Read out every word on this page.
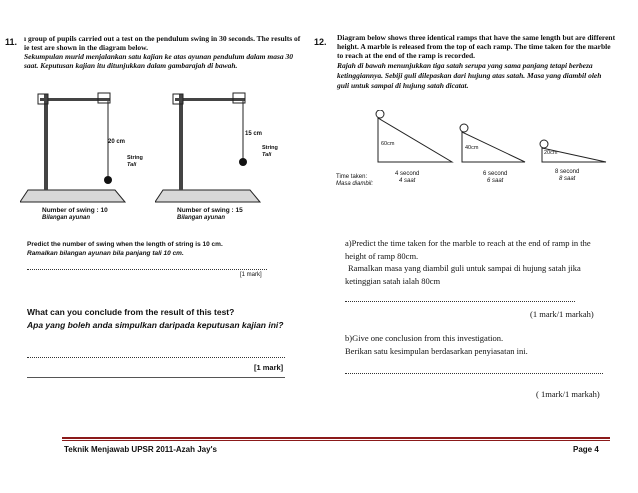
11. ı group of pupils carried out a test on the pendulum swing in 30 seconds. The results of
ie test are shown in the diagram below.
Sekumpulan murid menjalankan satu kajian ke atas ayunan pendulum dalam masa 30
saat. Keputusan kajian itu ditunjukkan dalam gambarajah di bawah.
20 cm
String
Tali
Number of swing : 10
Bilangan ayunan
15 cm
String
Tali
Number of swing : 15
Bilangan ayunan
Predict the number of swing when the length of string is 10 cm.
Ramalkan bilangan ayunan bila panjang tali 10 cm.
[1 mark]
What can you conclude from the result of this test?
Apa yang boleh anda simpulkan daripada keputusan kajian ini?
[1 mark]
12. Diagram below shows three identical ramps that have the same length but are different
height. A marble is released from the top of each ramp. The time taken for the marble
to reach at the end of the ramp is recorded.
Rajah di bawah menunjukkan tiga satah serupa yang sama panjang tetapi berbeza
ketinggiannya. Sebiji guli dilepaskan dari hujung atas satah. Masa yang diambil oleh
guli untuk sampai di hujung satah dicatat.
60cm
40cm
20cm
Time taken:
Masa diambil:
4 second
4 saat
6 second
6 saat
8 second
8 saat
a)Predict the time taken for the marble to reach at the end of ramp in the
height of ramp 80cm.
Ramalkan masa yang diambil guli untuk sampai di hujung satah jika
ketinggian satah ialah 80cm
(1 mark/1 markah)
b)Give one conclusion from this investigation.
Berikan satu kesimpulan berdasarkan penyiasatan ini.
( 1mark/1 markah)
Teknik Menjawab UPSR 2011-Azah Jay's	Page 4
